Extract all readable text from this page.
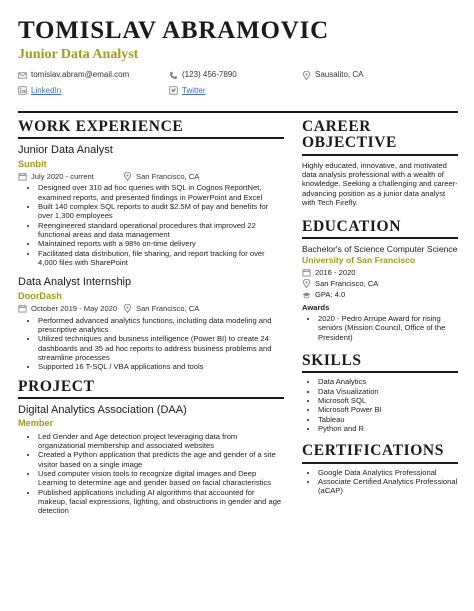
TOMISLAV ABRAMOVIC
Junior Data Analyst
tomislav.abram@email.com	(123) 456-7890	Sausalito, CA
LinkedIn	Twitter
WORK EXPERIENCE
Junior Data Analyst
Sunbit
July 2020 - current	San Francisco, CA
• Designed over 310 ad hoc queries with SQL in Cognos ReportNet, examined reports, and presented findings in PowerPoint and Excel
• Built 140 complex SQL reports to audit $2.5M of pay and benefits for over 1,300 employees
• Reengineered standard operational procedures that improved 22 functional areas and data management
• Maintained reports with a 98% on-time delivery
• Facilitated data distribution, file sharing, and report tracking for over 4,000 files with SharePoint
Data Analyst Internship
DoorDash
October 2019 - May 2020 San Francisco, CA
• Performed advanced analytics functions, including data modeling and prescriptive analytics
• Utilized techniques and business intelligence (Power BI) to create 24 dashboards and 35 ad hoc reports to address business problems and streamline processes
• Supported 16 T-SQL / VBA applications and tools
PROJECT
Digital Analytics Association (DAA)
Member
• Led Gender and Age detection project leveraging data from organizational membership and associated websites
• Created a Python application that predicts the age and gender of a site visitor based on a single image
• Used computer vision tools to recognize digital images and Deep Learning to determine age and gender based on facial characteristics
• Published applications including AI algorithms that accounted for makeup, facial expressions, lighting, and obstructions in gender and age detection
CAREER OBJECTIVE
Highly educated, innovative, and motivated data analysis professional with a wealth of knowledge. Seeking a challenging and career-advancing position as a junior data analyst with Tech Firefly.
EDUCATION
Bachelor's of Science Computer Science
University of San Francisco
2016 - 2020
San Francisco, CA
GPA: 4.0
Awards
• 2020 - Pedro Arrupe Award for rising seniors (Mission Council, Office of the President)
SKILLS
• Data Analytics
• Data Visualization
• Microsoft SQL
• Microsoft Power BI
• Tableau
• Python and R
CERTIFICATIONS
• Google Data Analytics Professional
• Associate Certified Analytics Professional (aCAP)
